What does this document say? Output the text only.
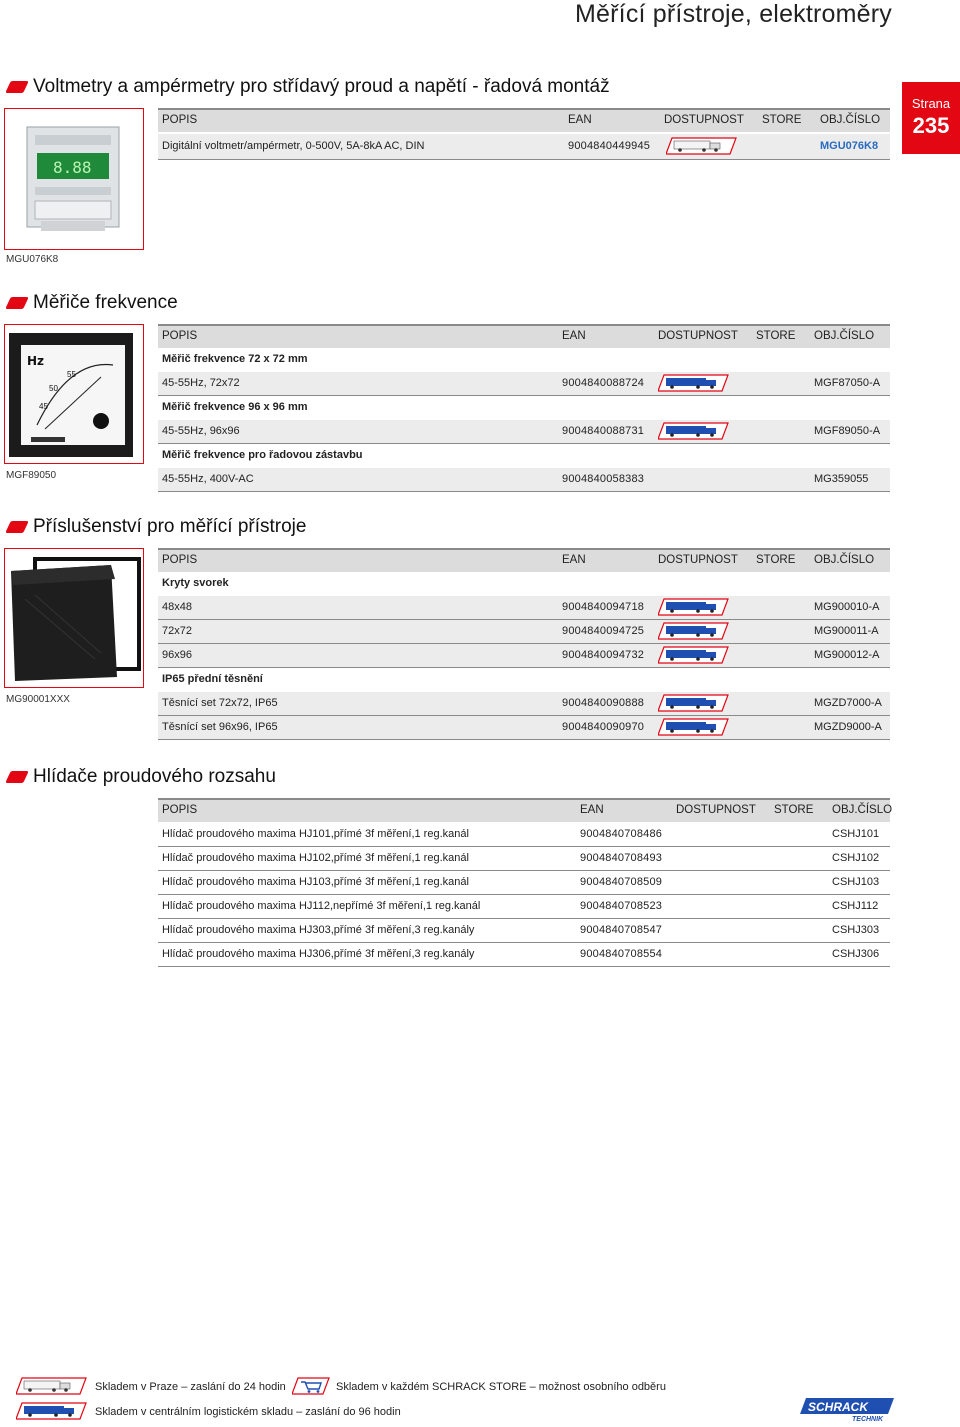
Měřící přístroje, elektroměry
Strana
235
Voltmetry a ampérmetry pro střídavý proud a napětí - řadová montáž
8.88
MGU076K8
POPIS	EAN	DOSTUPNOST STORE OBJ.ČÍSLO
Digitální voltmetr/ampérmetr, 0-500V, 5A-8kA AC, DIN	9004840449945	MGU076K8
Měřiče frekvence
Hz
50
55
45
MGF89050
POPIS	EAN	DOSTUPNOST STORE OBJ.ČÍSLO
Měřič frekvence 72 x 72 mm
45-55Hz, 72x72	9004840088724	MGF87050-A
Měřič frekvence 96 x 96 mm
45-55Hz, 96x96	9004840088731	MGF89050-A
Měřič frekvence pro řadovou zástavbu
45-55Hz, 400V-AC	9004840058383	MG359055
Příslušenství pro měřící přístroje
MG90001XXX
POPIS	EAN	DOSTUPNOST STORE OBJ.ČÍSLO
Kryty svorek
48x48	9004840094718	MG900010-A
72x72	9004840094725	MG900011-A
96x96	9004840094732	MG900012-A
IP65 přední těsnění
Těsnící set 72x72, IP65	9004840090888	MGZD7000-A
Těsnící set 96x96, IP65	9004840090970	MGZD9000-A
Hlídače proudového rozsahu
POPIS	EAN	DOSTUPNOST STORE OBJ.ČÍSLO
Hlídač proudového maxima HJ101,přímé 3f měření,1 reg.kanál	9004840708486	CSHJ101
Hlídač proudového maxima HJ102,přímé 3f měření,1 reg.kanál	9004840708493	CSHJ102
Hlídač proudového maxima HJ103,přímé 3f měření,1 reg.kanál	9004840708509	CSHJ103
Hlídač proudového maxima HJ112,nepřímé 3f měření,1 reg.kanál	9004840708523	CSHJ112
Hlídač proudového maxima HJ303,přímé 3f měření,3 reg.kanály	9004840708547	CSHJ303
Hlídač proudového maxima HJ306,přímé 3f měření,3 reg.kanály	9004840708554	CSHJ306
Skladem v Praze – zaslání do 24 hodin	Skladem v každém SCHRACK STORE – možnost osobního odběru
Skladem v centrálním logistickém skladu – zaslání do 96 hodin	SCHRACK
TECHNIK
